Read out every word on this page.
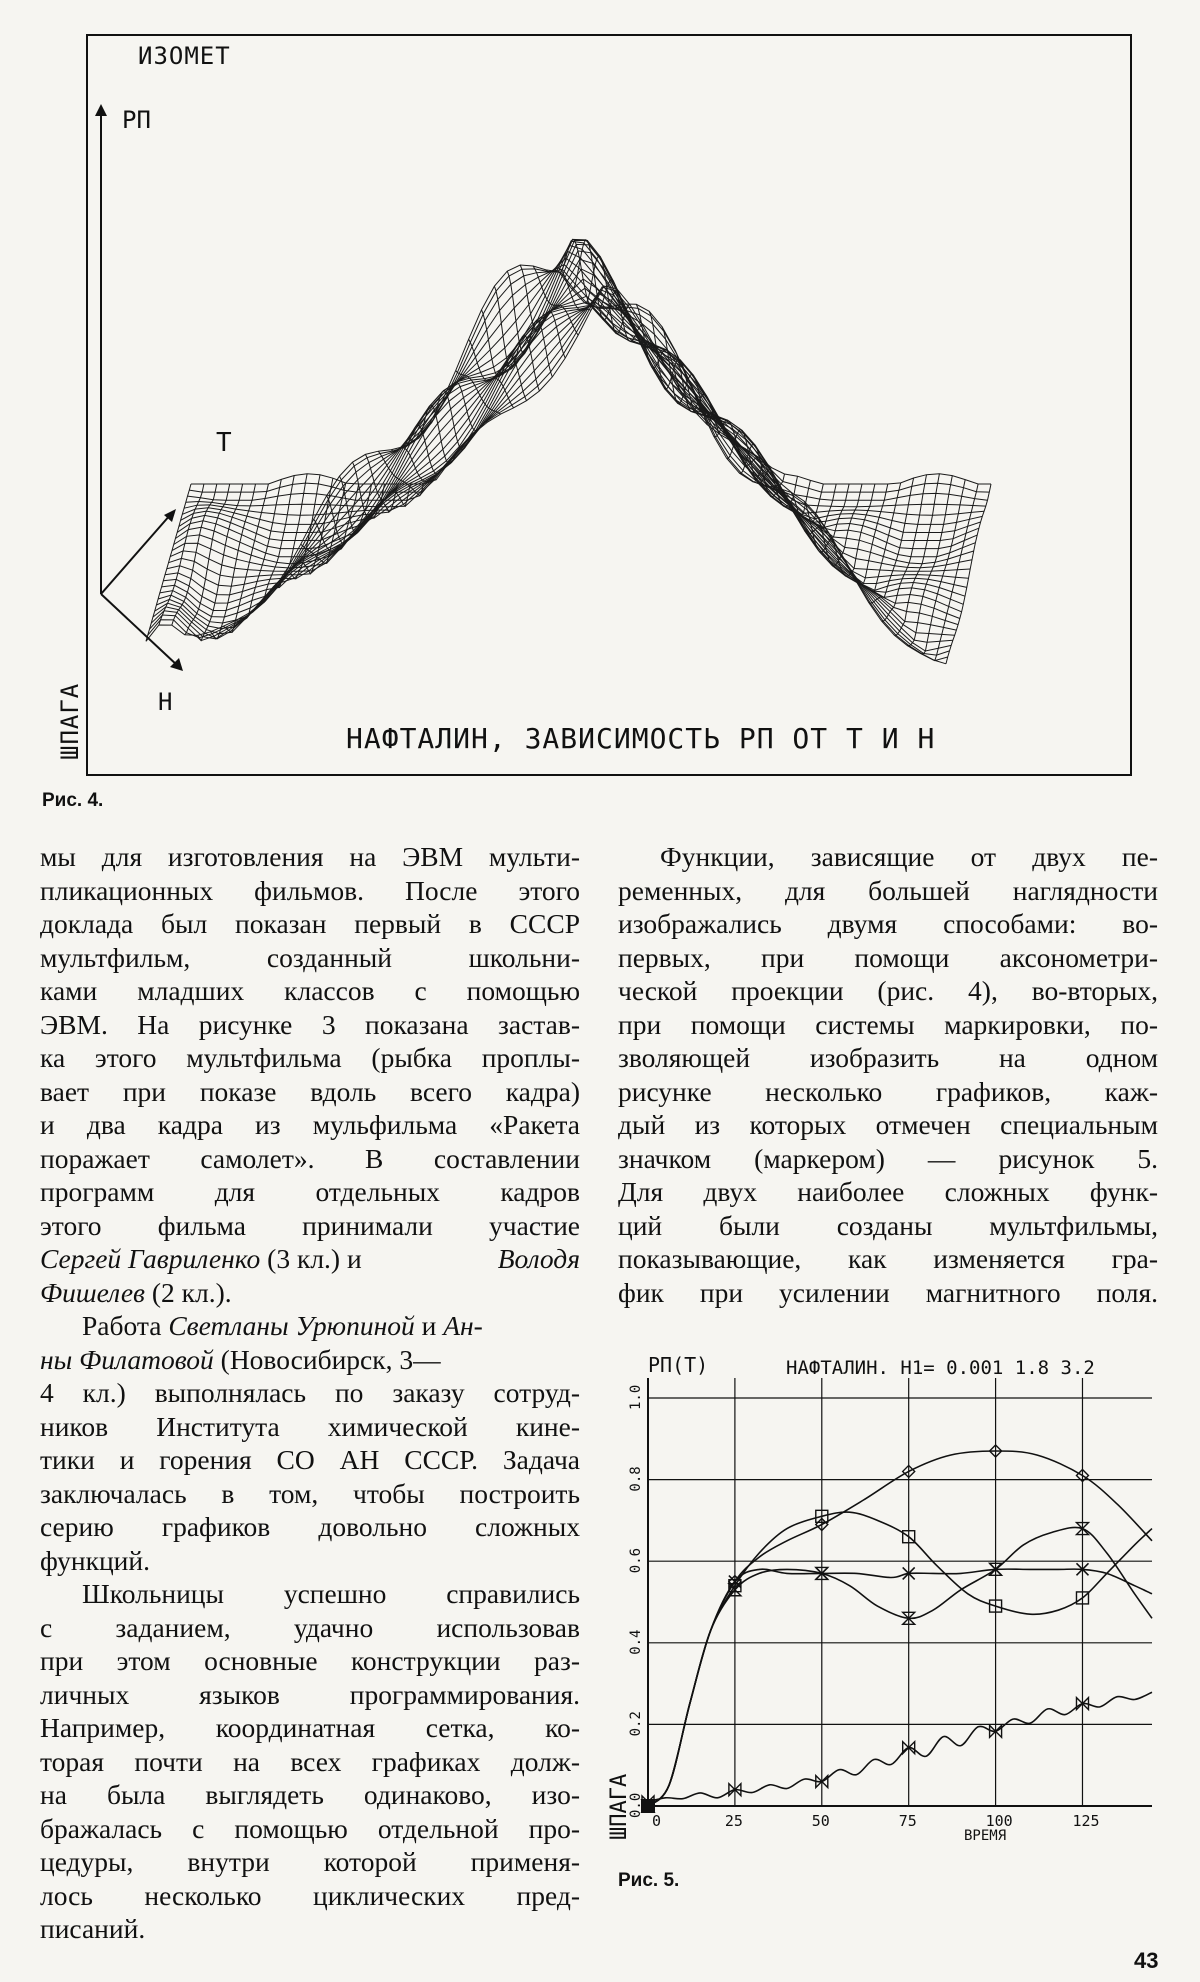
ИЗОМЕТ
РП
Т
Н
ШПАГА	НАФТАЛИН, ЗАВИСИМОСТЬ РП ОТ Т И Н
Рис. 4.

мы для изготовления на ЭВМ мульти-

пликационных фильмов. После этого

доклада был показан первый в СССР

мультфильм, созданный школьни-

ками младших классов с помощью

ЭВМ. На рисунке 3 показана застав-

ка этого мультфильма (рыбка проплы-

вает при показе вдоль всего кадра)

и два кадра из мульфильма «Ракета

поражает самолет». В составлении

программ для отдельных кадров

этого фильма принимали участие

Сергей Гавриленко (3 кл.) и	Володя

Фишелев (2 кл.).

Работа Светланы Урюпиной и Ан-

ны Филатовой (Новосибирск, 3—

4 кл.) выполнялась по заказу сотруд-

ников Института химической кине-

тики и горения СО АН СССР. Задача

заключалась в том, чтобы построить

серию графиков довольно сложных

функций.

Школьницы успешно справились

с заданием, удачно использовав

при этом основные конструкции раз-

личных языков программирования.

Например, координатная сетка, ко-

торая почти на всех графиках долж-

на была выглядеть одинаково, изо-

бражалась с помощью отдельной про-

цедуры, внутри которой применя-

лось несколько циклических пред-

писаний.

Функции, зависящие от двух пе-

ременных, для большей наглядности

изображались двумя способами: во-

первых, при помощи аксонометри-

ческой проекции (рис. 4), во-вторых,

при помощи системы маркировки, по-

зволяющей изобразить на одном

рисунке несколько графиков, каж-

дый из которых отмечен специальным

значком (маркером) — рисунок 5.

Для двух наиболее сложных функ-

ций были созданы мультфильмы,

показывающие, как изменяется гра-

фик при усилении магнитного поля.

0.0
0.2
0.4
0.6
0.8
1.0
0	25	50	75	100	125
НАФТАЛИН. Н1= 0.001 1.8 3.2
РП(Т)
ВРЕМЯ
ШПАГА
Рис. 5.
43
